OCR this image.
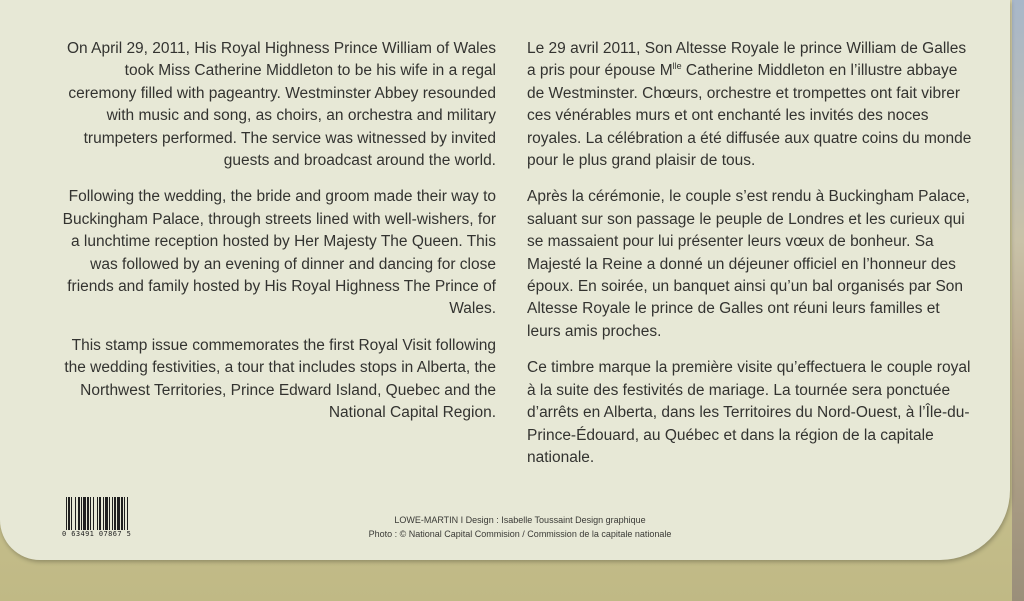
On April 29, 2011, His Royal Highness Prince William of Wales took Miss Catherine Middleton to be his wife in a regal ceremony filled with pageantry. Westminster Abbey resounded with music and song, as choirs, an orchestra and military trumpeters performed. The service was witnessed by invited guests and broadcast around the world.

Following the wedding, the bride and groom made their way to Buckingham Palace, through streets lined with well-wishers, for a lunchtime reception hosted by Her Majesty The Queen. This was followed by an evening of dinner and dancing for close friends and family hosted by His Royal Highness The Prince of Wales.

This stamp issue commemorates the first Royal Visit following the wedding festivities, a tour that includes stops in Alberta, the Northwest Territories, Prince Edward Island, Quebec and the National Capital Region.

Le 29 avril 2011, Son Altesse Royale le prince William de Galles a pris pour épouse $M^{lle}$ Catherine Middleton en l’illustre abbaye de Westminster. Chœurs, orchestre et trompettes ont fait vibrer ces vénérables murs et ont enchanté les invités des noces royales. La célébration a été diffusée aux quatre coins du monde pour le plus grand plaisir de tous.

Après la cérémonie, le couple s’est rendu à Buckingham Palace, saluant sur son passage le peuple de Londres et les curieux qui se massaient pour lui présenter leurs vœux de bonheur. Sa Majesté la Reine a donné un déjeuner officiel en l’honneur des époux. En soirée, un banquet ainsi qu’un bal organisés par Son Altesse Royale le prince de Galles ont réuni leurs familles et leurs amis proches.

Ce timbre marque la première visite qu’effectuera le couple royal à la suite des festivités de mariage. La tournée sera ponctuée d’arrêts en Alberta, dans les Territoires du Nord-Ouest, à l’Île-du-Prince-Édouard, au Québec et dans la région de la capitale nationale.

0 63491 07867 5
LOWE-MARTIN I Design : Isabelle Toussaint Design graphique
Photo : © National Capital Commision / Commission de la capitale nationale
